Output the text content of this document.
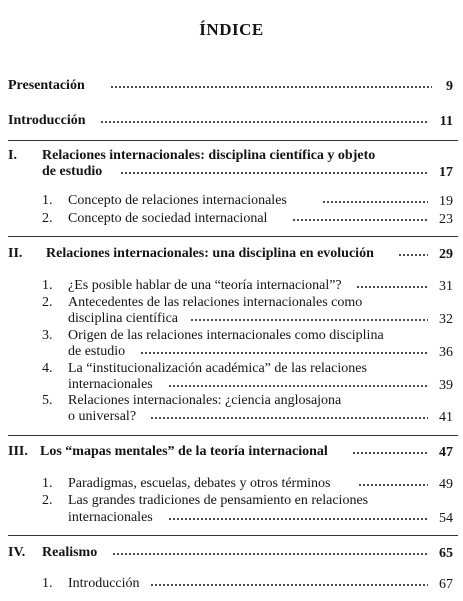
ÍNDICE
Presentación	9
Introducción	11
I. Relaciones internacionales: disciplina científica y objeto
de estudio	17
1. Concepto de relaciones internacionales	19
2. Concepto de sociedad internacional	23
II. Relaciones internacionales: una disciplina en evolución	29
1. ¿Es posible hablar de una “teoría internacional”?	31
2. Antecedentes de las relaciones internacionales como
disciplina científica	32
3. Origen de las relaciones internacionales como disciplina
de estudio	36
4. La “institucionalización académica” de las relaciones
internacionales	39
5. Relaciones internacionales: ¿ciencia anglosajona
o universal?	41
III. Los “mapas mentales” de la teoría internacional	47
1. Paradigmas, escuelas, debates y otros términos	49
2. Las grandes tradiciones de pensamiento en relaciones
internacionales	54
IV. Realismo	65
1. Introducción	67
